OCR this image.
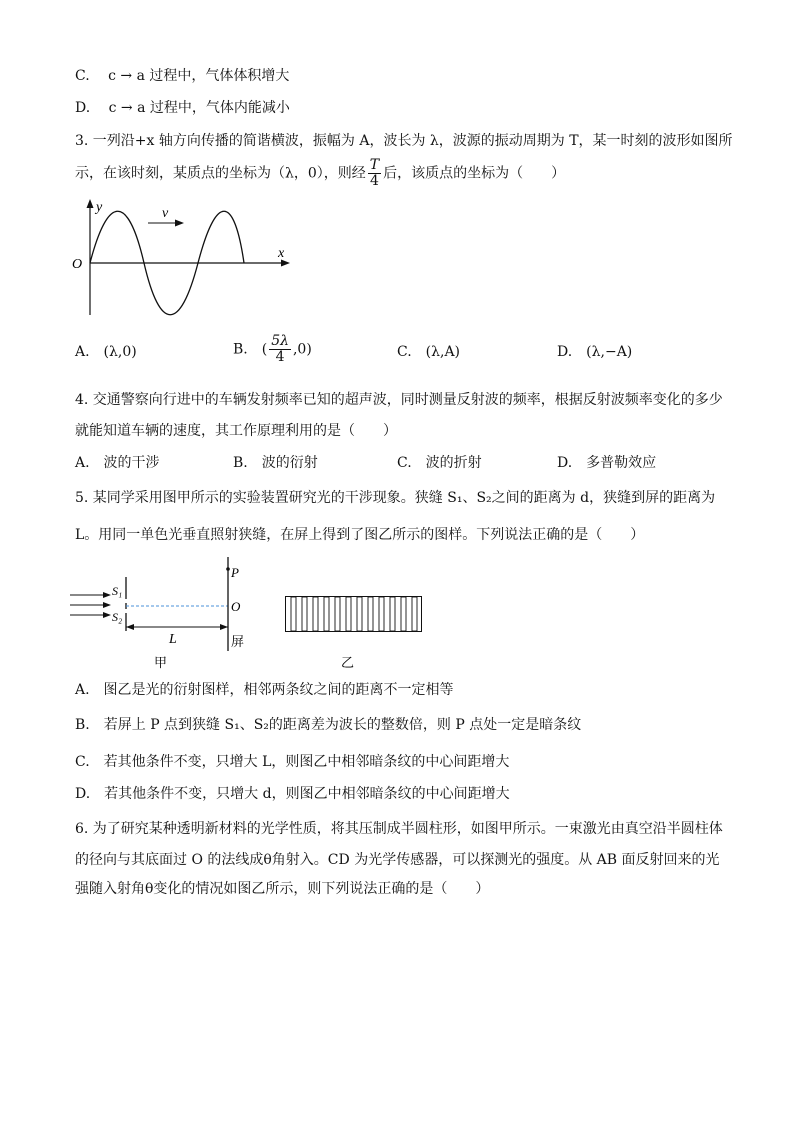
C. 　c → a 过程中，气体体积增大
D. 　c → a 过程中，气体内能减小
3. 一列沿+x 轴方向传播的简谐横波，振幅为 A，波长为 λ，波源的振动周期为 T，某一时刻的波形如图所
示，在该时刻，某质点的坐标为（λ，0），则经 $\frac{T}{4}$ 后，该质点的坐标为（　　）
v
y
x
O
A.　(λ,0)	B.　( $\frac{5\lambda}{4} ,0$)	C.　(λ,A)	D.　(λ,−A)
4. 交通警察向行进中的车辆发射频率已知的超声波，同时测量反射波的频率，根据反射波频率变化的多少
就能知道车辆的速度，其工作原理利用的是（　　）
A.　波的干涉	B.　波的衍射	C.　波的折射	D.　多普勒效应
5. 某同学采用图甲所示的实验装置研究光的干涉现象。狭缝 S₁、S₂之间的距离为 d，狭缝到屏的距离为
L。用同一单色光垂直照射狭缝，在屏上得到了图乙所示的图样。下列说法正确的是（　　）
S₁
S₂
P
O
L	屏
甲	乙
A.　图乙是光的衍射图样，相邻两条纹之间的距离不一定相等
B.　若屏上 P 点到狭缝 S₁、S₂的距离差为波长的整数倍，则 P 点处一定是暗条纹
C.　若其他条件不变，只增大 L，则图乙中相邻暗条纹的中心间距增大
D.　若其他条件不变，只增大 d，则图乙中相邻暗条纹的中心间距增大
6. 为了研究某种透明新材料的光学性质，将其压制成半圆柱形，如图甲所示。一束激光由真空沿半圆柱体
的径向与其底面过 O 的法线成θ角射入。CD 为光学传感器，可以探测光的强度。从 AB 面反射回来的光
强随入射角θ变化的情况如图乙所示，则下列说法正确的是（　　）
